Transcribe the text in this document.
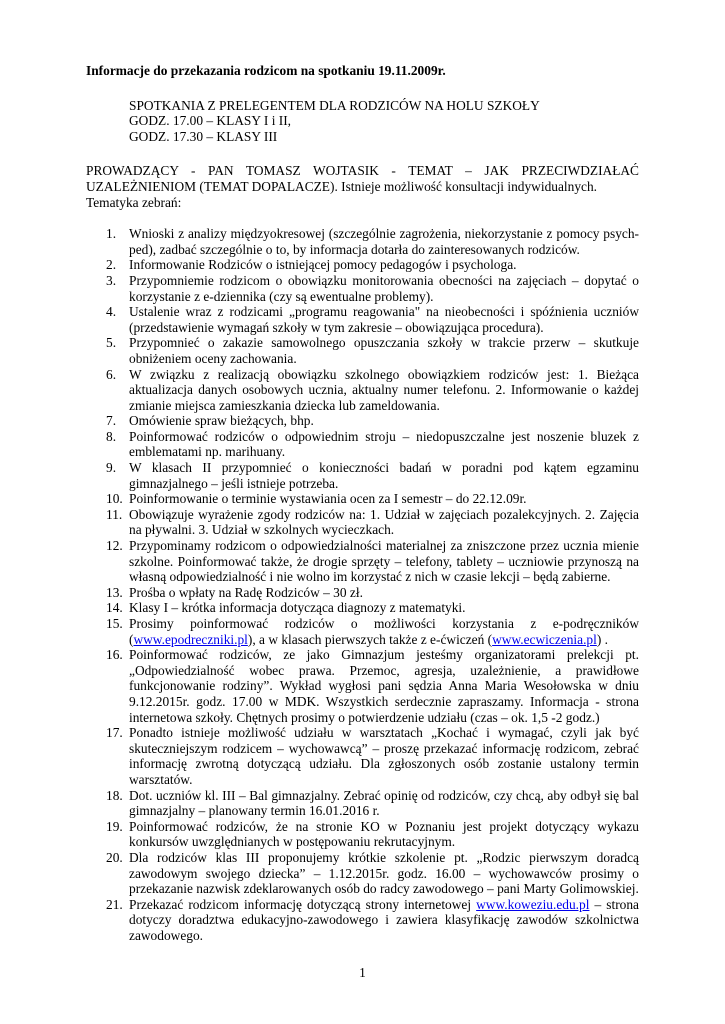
Informacje do przekazania rodzicom na spotkaniu 19.11.2009r.

SPOTKANIA Z PRELEGENTEM DLA RODZICÓW NA HOLU SZKOŁY
GODZ. 17.00 – KLASY I i II,
GODZ. 17.30 – KLASY III
PROWADZĄCY - PAN TOMASZ WOJTASIK - TEMAT – JAK PRZECIWDZIAŁAĆ UZALEŻNIENIOM (TEMAT DOPALACZE). Istnieje możliwość konsultacji indywidualnych.
Tematyka zebrań:
1. Wnioski z analizy międzyokresowej (szczególnie zagrożenia, niekorzystanie z pomocy psych-ped), zadbać szczególnie o to, by informacja dotarła do zainteresowanych rodziców.
2. Informowanie Rodziców o istniejącej pomocy pedagogów i psychologa.
3. Przypomniemie rodzicom o obowiązku monitorowania obecności na zajęciach – dopytać o korzystanie z e-dziennika (czy są ewentualne problemy).
4. Ustalenie wraz z rodzicami „programu reagowania" na nieobecności i spóźnienia uczniów (przedstawienie wymagań szkoły w tym zakresie – obowiązująca procedura).
5. Przypomnieć o zakazie samowolnego opuszczania szkoły w trakcie przerw – skutkuje obniżeniem oceny zachowania.
6. W związku z realizacją obowiązku szkolnego obowiązkiem rodziców jest: 1. Bieżąca aktualizacja danych osobowych ucznia, aktualny numer telefonu. 2. Informowanie o każdej zmianie miejsca zamieszkania dziecka lub zameldowania.
7. Omówienie spraw bieżących, bhp.
8. Poinformować rodziców o odpowiednim stroju – niedopuszczalne jest noszenie bluzek z emblematami np. marihuany.
9. W klasach II przypomnieć o konieczności badań w poradni pod kątem egzaminu gimnazjalnego – jeśli istnieje potrzeba.
10. Poinformowanie o terminie wystawiania ocen za I semestr – do 22.12.09r.
11. Obowiązuje wyrażenie zgody rodziców na: 1. Udział w zajęciach pozalekcyjnych. 2. Zajęcia na pływalni. 3. Udział w szkolnych wycieczkach.
12. Przypominamy rodzicom o odpowiedzialności materialnej za zniszczone przez ucznia mienie szkolne. Poinformować także, że drogie sprzęty – telefony, tablety – uczniowie przynoszą na własną odpowiedzialność i nie wolno im korzystać z nich w czasie lekcji – będą zabierne.
13. Prośba o wpłaty na Radę Rodziców – 30 zł.
14. Klasy I – krótka informacja dotycząca diagnozy z matematyki.
15. Prosimy poinformować rodziców o możliwości korzystania z e-podręczników (www.epodreczniki.pl), a w klasach pierwszych także z e-ćwiczeń (www.ecwiczenia.pl) .
16. Poinformować rodziców, ze jako Gimnazjum jesteśmy organizatorami prelekcji pt. „Odpowiedzialność wobec prawa. Przemoc, agresja, uzależnienie, a prawidłowe funkcjonowanie rodziny”. Wykład wygłosi pani sędzia Anna Maria Wesołowska w dniu 9.12.2015r. godz. 17.00 w MDK. Wszystkich serdecznie zapraszamy. Informacja - strona internetowa szkoły. Chętnych prosimy o potwierdzenie udziału (czas – ok. 1,5 -2 godz.)
17. Ponadto istnieje możliwość udziału w warsztatach „Kochać i wymagać, czyli jak być skuteczniejszym rodzicem – wychowawcą” – proszę przekazać informację rodzicom, zebrać informację zwrotną dotyczącą udziału. Dla zgłoszonych osób zostanie ustalony termin warsztatów.
18. Dot. uczniów kl. III – Bal gimnazjalny. Zebrać opinię od rodziców, czy chcą, aby odbył się bal gimnazjalny – planowany termin 16.01.2016 r.
19. Poinformować rodziców, że na stronie KO w Poznaniu jest projekt dotyczący wykazu konkursów uwzględnianych w postępowaniu rekrutacyjnym.
20. Dla rodziców klas III proponujemy krótkie szkolenie pt. „Rodzic pierwszym doradcą zawodowym swojego dziecka” – 1.12.2015r. godz. 16.00 – wychowawców prosimy o przekazanie nazwisk zdeklarowanych osób do radcy zawodowego – pani Marty Golimowskiej.
21. Przekazać rodzicom informację dotyczącą strony internetowej www.koweziu.edu.pl – strona dotyczy doradztwa edukacyjno-zawodowego i zawiera klasyfikację zawodów szkolnictwa zawodowego.
1
